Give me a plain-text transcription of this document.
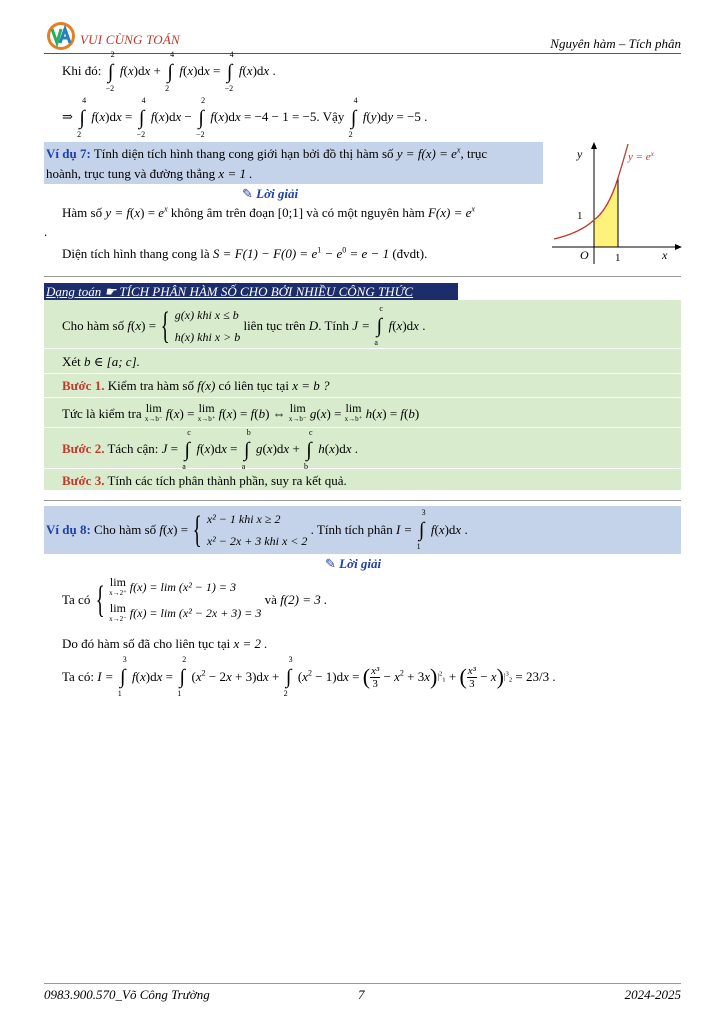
VUI CÙNG TOÁN	Nguyên hàm – Tích phân
Khi đó: ∫
2
−2
f(x)dx + ∫
4
2
f(x)dx = ∫
4
−2
f(x)dx .
⇒ ∫
4
2
f(x)dx = ∫
4
−2
f(x)dx − ∫
2
−2
f(x)dx = −4 − 1 = −5. Vậy ∫
4
2
f(y)dy = −5 .
Ví dụ 7: Tính diện tích hình thang cong giới hạn bởi đồ thị hàm số $y = f(x) = e^x$, trục
hoành, trục tung và đường thẳng x = 1 .
✎ Lời giải
Hàm số $y = f(x) = e^x$ không âm trên đoạn [0;1] và có một nguyên hàm $F(x) = e^x$
.
Diện tích hình thang cong là $S = F(1) - F(0) = e^1 - e^0 = e - 1$ (đvdt).
y
x
O 1
1
$y = e^x$
Dạng toán ☛ TÍCH PHÂN HÀM SỐ CHO BỞI NHIỀU CÔNG THỨC
Cho hàm số f(x) = { g(x) khi x ≤ b
h(x) khi x > b
liên tục trên D. Tính J = ∫
c
a
f(x)dx .
Xét b ∈ [a; c].
Bước 1. Kiểm tra hàm số f(x) có liên tục tại x = b ?
Tức là kiểm tra lim
x→b⁻ f(x) = lim
x→b⁺ f(x) = f(b) ⇔ lim
x→b⁻ g(x) = lim
x→b⁺ h(x) = f(b)
Bước 2. Tách cận: J = ∫
c
a
f(x)dx = ∫
b
a
g(x)dx + ∫
c
b
h(x)dx .
Bước 3. Tính các tích phân thành phần, suy ra kết quả.
Ví dụ 8: Cho hàm số f(x) = { x² − 1 khi x ≥ 2
x² − 2x + 3 khi x < 2
. Tính tích phân I = ∫
3
1
f(x)dx .
✎ Lời giải
Ta có { lim
x→2⁺ f(x) = lim (x² − 1) = 3
lim
x→2⁻ f(x) = lim (x² − 2x + 3) = 3
và f(2) = 3 .
Do đó hàm số đã cho liên tục tại x = 2 .
Ta có: I = ∫
3
1
f(x)dx = ∫
2
1
$(x^2 - 2x + 3)dx$ + ∫
3
2
$(x^2 - 1)dx$ = ( $\frac{\text{x³}}{3} - x^2 + 3x)|^2_1$ + ( $\frac{\text{x³}}{3} - x)|^3_2 = 23/3$ .
0983.900.570_Võ Công Trường	7	2024-2025
